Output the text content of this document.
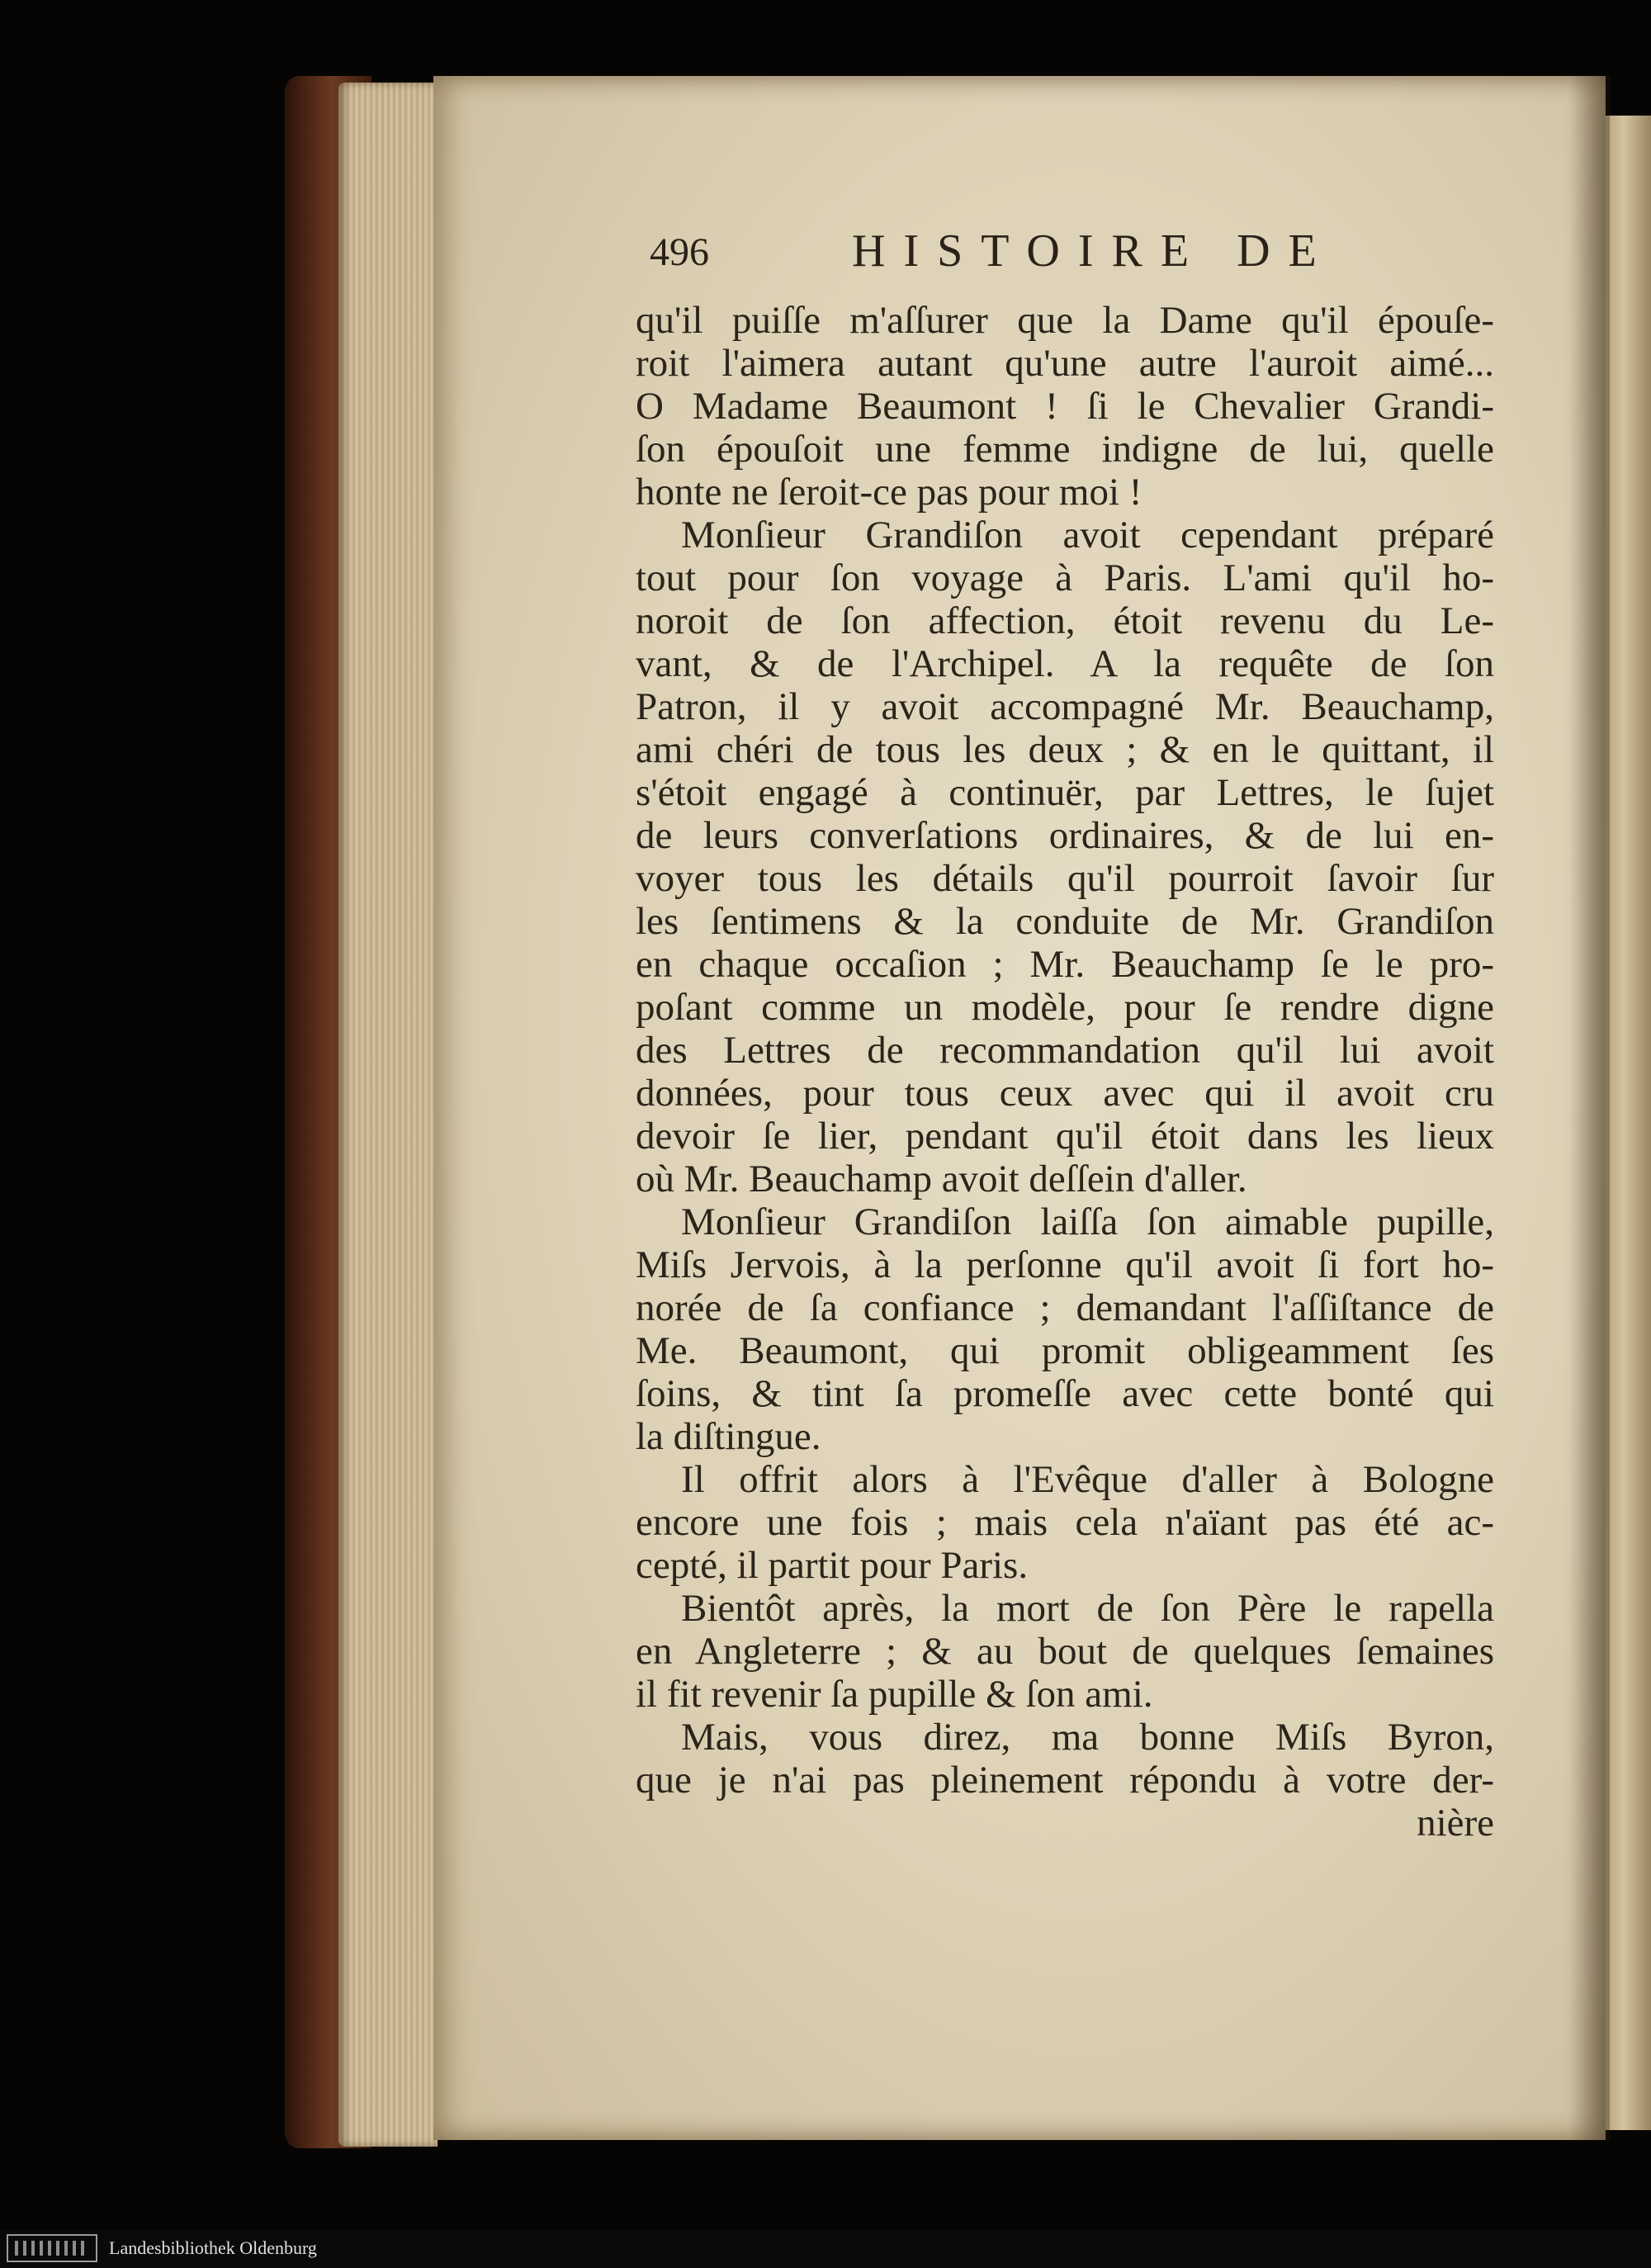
496	HISTOIRE DE
qu'il puiſſe m'aſſurer que la Dame qu'il épouſe-
roit l'aimera autant qu'une autre l'auroit aimé...
O Madame Beaumont ! ſi le Chevalier Grandi-
ſon épouſoit une femme indigne de lui, quelle
honte ne ſeroit-ce pas pour moi !
Monſieur Grandiſon avoit cependant préparé
tout pour ſon voyage à Paris. L'ami qu'il ho-
noroit de ſon affection, étoit revenu du Le-
vant, & de l'Archipel. A la requête de ſon
Patron, il y avoit accompagné Mr. Beauchamp,
ami chéri de tous les deux ; & en le quittant, il
s'étoit engagé à continuër, par Lettres, le ſujet
de leurs converſations ordinaires, & de lui en-
voyer tous les détails qu'il pourroit ſavoir ſur
les ſentimens & la conduite de Mr. Grandiſon
en chaque occaſion ; Mr. Beauchamp ſe le pro-
poſant comme un modèle, pour ſe rendre digne
des Lettres de recommandation qu'il lui avoit
données, pour tous ceux avec qui il avoit cru
devoir ſe lier, pendant qu'il étoit dans les lieux
où Mr. Beauchamp avoit deſſein d'aller.
Monſieur Grandiſon laiſſa ſon aimable pupille,
Miſs Jervois, à la perſonne qu'il avoit ſi fort ho-
norée de ſa confiance ; demandant l'aſſiſtance de
Me. Beaumont, qui promit obligeamment ſes
ſoins, & tint ſa promeſſe avec cette bonté qui
la diſtingue.
Il offrit alors à l'Evêque d'aller à Bologne
encore une fois ; mais cela n'aïant pas été ac-
cepté, il partit pour Paris.
Bientôt après, la mort de ſon Père le rapella
en Angleterre ; & au bout de quelques ſemaines
il fit revenir ſa pupille & ſon ami.
Mais, vous direz, ma bonne Miſs Byron,
que je n'ai pas pleinement répondu à votre der-
nière
Landesbibliothek Oldenburg
